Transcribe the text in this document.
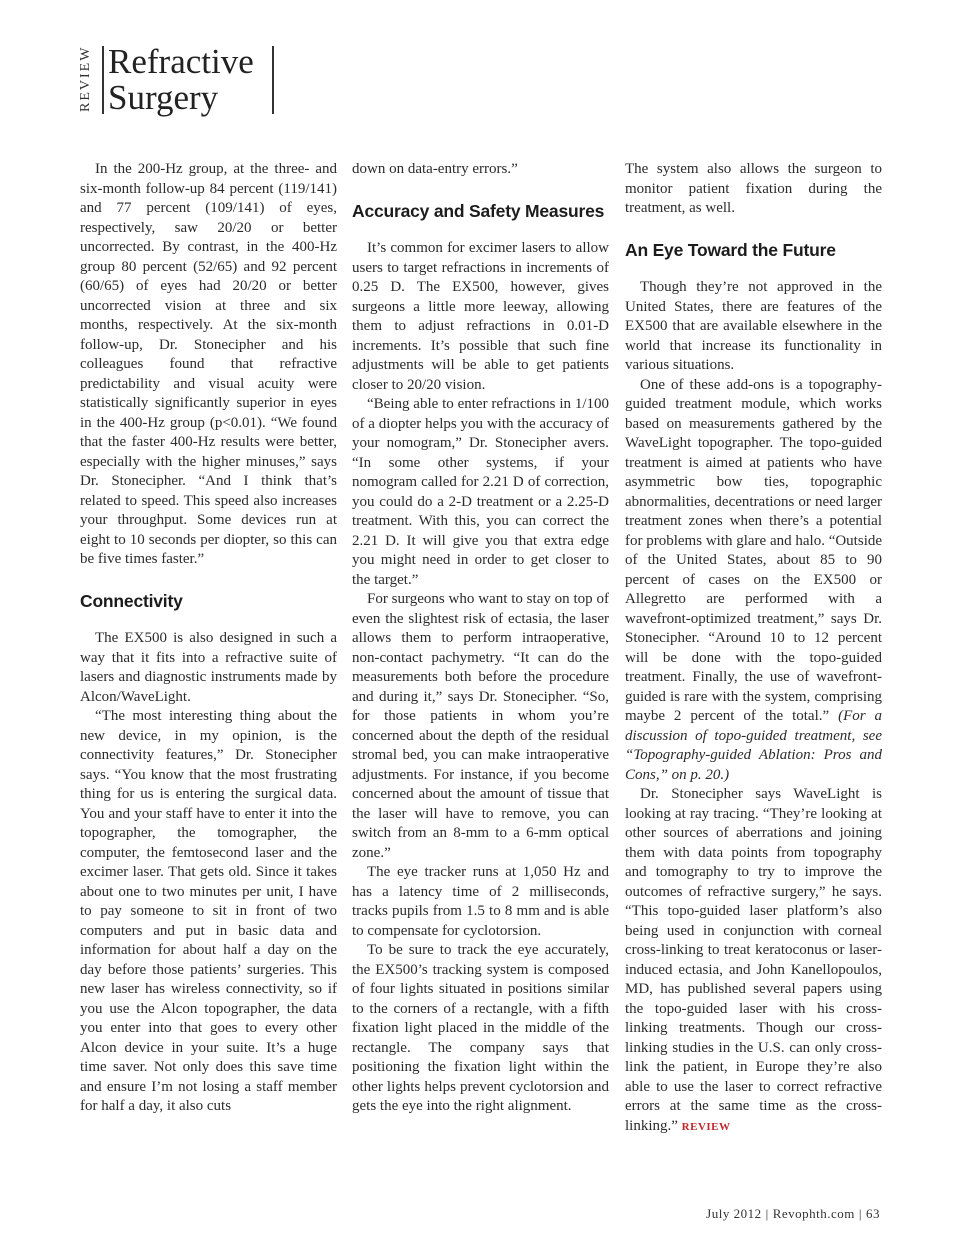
REVIEW Refractive
Surgery

In the 200-Hz group, at the three- and six-month follow-up 84 percent (119/141) and 77 percent (109/141) of eyes, respectively, saw 20/20 or better uncorrected. By contrast, in the 400-Hz group 80 percent (52/65) and 92 percent (60/65) of eyes had 20/20 or better uncorrected vision at three and six months, respectively. At the six-month follow-up, Dr. Stonecipher and his colleagues found that refractive predictability and visual acuity were statistically significantly superior in eyes in the 400-Hz group (p<0.01). “We found that the faster 400-Hz results were better, especially with the higher minuses,” says Dr. Stonecipher. “And I think that’s related to speed. This speed also increases your throughput. Some devices run at eight to 10 seconds per diopter, so this can be five times faster.”

Connectivity

The EX500 is also designed in such a way that it fits into a refractive suite of lasers and diagnostic instruments made by Alcon/WaveLight.

“The most interesting thing about the new device, in my opinion, is the connectivity features,” Dr. Stonecipher says. “You know that the most frustrating thing for us is entering the surgical data. You and your staff have to enter it into the topographer, the tomographer, the computer, the femtosecond laser and the excimer laser. That gets old. Since it takes about one to two minutes per unit, I have to pay someone to sit in front of two computers and put in basic data and information for about half a day on the day before those patients’ surgeries. This new laser has wireless connectivity, so if you use the Alcon topographer, the data you enter into that goes to every other Alcon device in your suite. It’s a huge time saver. Not only does this save time and ensure I’m not losing a staff member for half a day, it also cuts

down on data-entry errors.”

Accuracy and Safety Measures

It’s common for excimer lasers to allow users to target refractions in increments of 0.25 D. The EX500, however, gives surgeons a little more leeway, allowing them to adjust refractions in 0.01-D increments. It’s possible that such fine adjustments will be able to get patients closer to 20/20 vision.

“Being able to enter refractions in 1/100 of a diopter helps you with the accuracy of your nomogram,” Dr. Stonecipher avers. “In some other systems, if your nomogram called for 2.21 D of correction, you could do a 2-D treatment or a 2.25-D treatment. With this, you can correct the 2.21 D. It will give you that extra edge you might need in order to get closer to the target.”

For surgeons who want to stay on top of even the slightest risk of ectasia, the laser allows them to perform intraoperative, non-contact pachymetry. “It can do the measurements both before the procedure and during it,” says Dr. Stonecipher. “So, for those patients in whom you’re concerned about the depth of the residual stromal bed, you can make intraoperative adjustments. For instance, if you become concerned about the amount of tissue that the laser will have to remove, you can switch from an 8-mm to a 6-mm optical zone.”

The eye tracker runs at 1,050 Hz and has a latency time of 2 milliseconds, tracks pupils from 1.5 to 8 mm and is able to compensate for cyclotorsion.

To be sure to track the eye accurately, the EX500’s tracking system is composed of four lights situated in positions similar to the corners of a rectangle, with a fifth fixation light placed in the middle of the rectangle. The company says that positioning the fixation light within the other lights helps prevent cyclotorsion and gets the eye into the right alignment.

The system also allows the surgeon to monitor patient fixation during the treatment, as well.

An Eye Toward the Future

Though they’re not approved in the United States, there are features of the EX500 that are available elsewhere in the world that increase its functionality in various situations.

One of these add-ons is a topography-guided treatment module, which works based on measurements gathered by the WaveLight topographer. The topo-guided treatment is aimed at patients who have asymmetric bow ties, topographic abnormalities, decentrations or need larger treatment zones when there’s a potential for problems with glare and halo. “Outside of the United States, about 85 to 90 percent of cases on the EX500 or Allegretto are performed with a wavefront-optimized treatment,” says Dr. Stonecipher. “Around 10 to 12 percent will be done with the topo-guided treatment. Finally, the use of wavefront-guided is rare with the system, comprising maybe 2 percent of the total.” (For a discussion of topo-guided treatment, see “Topography-guided Ablation: Pros and Cons,” on p. 20.)

Dr. Stonecipher says WaveLight is looking at ray tracing. “They’re looking at other sources of aberrations and joining them with data points from topography and tomography to try to improve the outcomes of refractive surgery,” he says. “This topo-guided laser platform’s also being used in conjunction with corneal cross-linking to treat keratoconus or laser-induced ectasia, and John Kanellopoulos, MD, has published several papers using the topo-guided laser with his cross-linking treatments. Though our cross-linking studies in the U.S. can only cross-link the patient, in Europe they’re also able to use the laser to correct refractive errors at the same time as the cross-linking.” REVIEW

July 2012 | Revophth.com | 63
